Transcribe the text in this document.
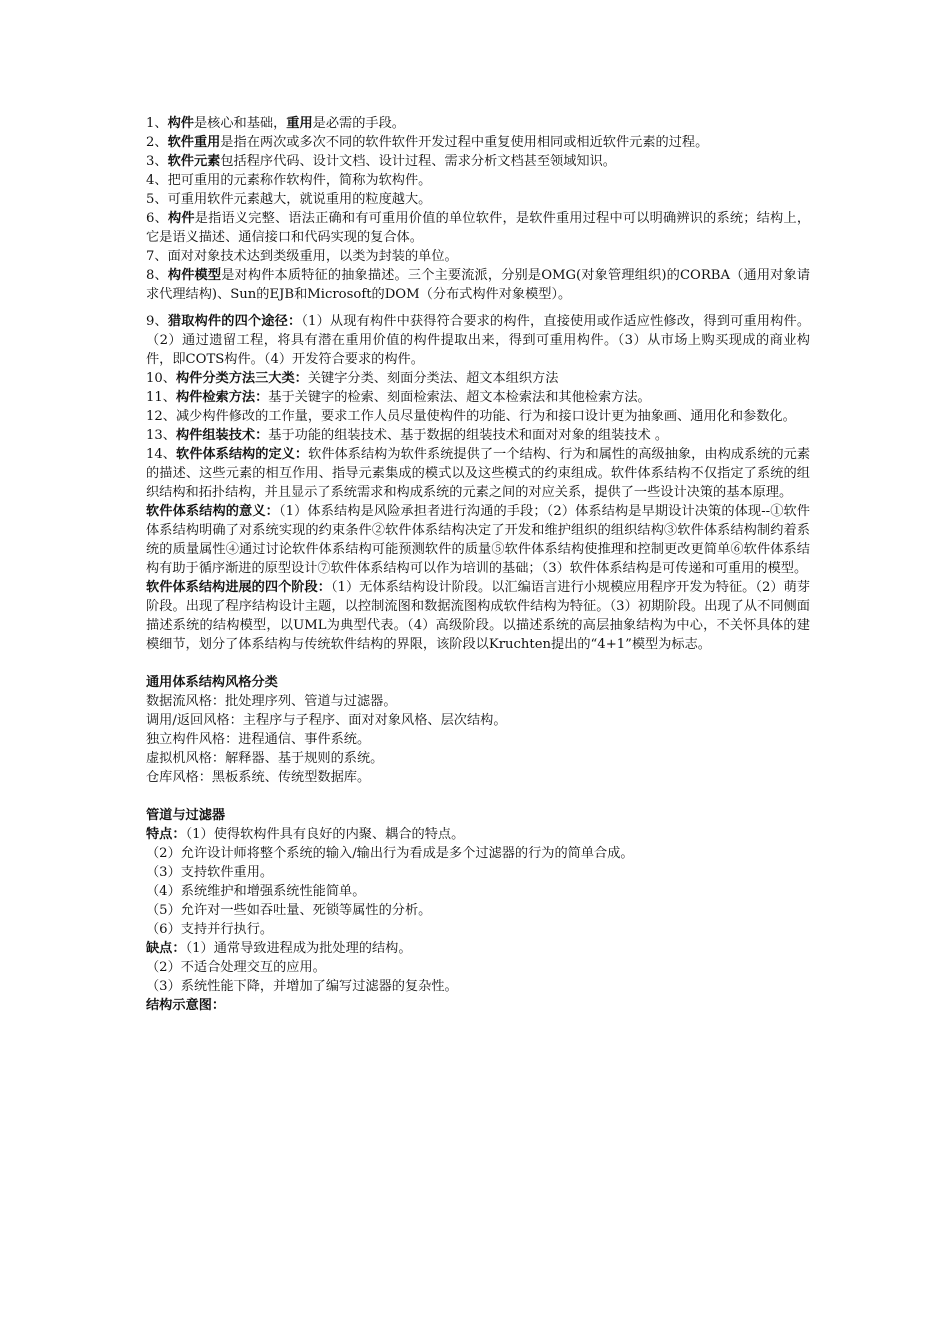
1、构件是核心和基础，重用是必需的手段。

2、软件重用是指在两次或多次不同的软件软件开发过程中重复使用相同或相近软件元素的过程。

3、软件元素包括程序代码、设计文档、设计过程、需求分析文档甚至领域知识。

4、把可重用的元素称作软构件，简称为软构件。

5、可重用软件元素越大，就说重用的粒度越大。

6、构件是指语义完整、语法正确和有可重用价值的单位软件，是软件重用过程中可以明确辨识的系统；结构上，它是语义描述、通信接口和代码实现的复合体。

7、面对对象技术达到类级重用，以类为封装的单位。

8、构件模型是对构件本质特征的抽象描述。三个主要流派，分别是OMG(对象管理组织)的CORBA（通用对象请求代理结构)、Sun的EJB和Microsoft的DOM（分布式构件对象模型）。

9、猎取构件的四个途径：（1）从现有构件中获得符合要求的构件，直接使用或作适应性修改，得到可重用构件。（2）通过遗留工程，将具有潜在重用价值的构件提取出来，得到可重用构件。（3）从市场上购买现成的商业构件，即COTS构件。（4）开发符合要求的构件。

10、构件分类方法三大类：关键字分类、刻面分类法、超文本组织方法

11、构件检索方法：基于关键字的检索、刻面检索法、超文本检索法和其他检索方法。

12、减少构件修改的工作量，要求工作人员尽量使构件的功能、行为和接口设计更为抽象画、通用化和参数化。

13、构件组装技术：基于功能的组装技术、基于数据的组装技术和面对对象的组装技术 。

14、软件体系结构的定义：软件体系结构为软件系统提供了一个结构、行为和属性的高级抽象，由构成系统的元素的描述、这些元素的相互作用、指导元素集成的模式以及这些模式的约束组成。软件体系结构不仅指定了系统的组织结构和拓扑结构，并且显示了系统需求和构成系统的元素之间的对应关系，提供了一些设计决策的基本原理。

软件体系结构的意义：（1）体系结构是风险承担者进行沟通的手段；（2）体系结构是早期设计决策的体现--①软件体系结构明确了对系统实现的约束条件②软件体系结构决定了开发和维护组织的组织结构③软件体系结构制约着系统的质量属性④通过讨论软件体系结构可能预测软件的质量⑤软件体系结构使推理和控制更改更简单⑥软件体系结构有助于循序渐进的原型设计⑦软件体系结构可以作为培训的基础；（3）软件体系结构是可传递和可重用的模型。

软件体系结构进展的四个阶段：（1）无体系结构设计阶段。以汇编语言进行小规模应用程序开发为特征。（2）萌芽阶段。出现了程序结构设计主题，以控制流图和数据流图构成软件结构为特征。（3）初期阶段。出现了从不同侧面描述系统的结构模型，以UML为典型代表。（4）高级阶段。以描述系统的高层抽象结构为中心，不关怀具体的建模细节，划分了体系结构与传统软件结构的界限，该阶段以Kruchten提出的“4+1”模型为标志。

通用体系结构风格分类

数据流风格：批处理序列、管道与过滤器。

调用/返回风格：主程序与子程序、面对对象风格、层次结构。

独立构件风格：进程通信、事件系统。

虚拟机风格：解释器、基于规则的系统。

仓库风格：黑板系统、传统型数据库。

管道与过滤器

特点：（1）使得软构件具有良好的内聚、耦合的特点。

（2）允许设计师将整个系统的输入/输出行为看成是多个过滤器的行为的简单合成。

（3）支持软件重用。

（4）系统维护和增强系统性能简单。

（5）允许对一些如吞吐量、死锁等属性的分析。

（6）支持并行执行。

缺点：（1）通常导致进程成为批处理的结构。

（2）不适合处理交互的应用。

（3）系统性能下降，并增加了编写过滤器的复杂性。

结构示意图：
